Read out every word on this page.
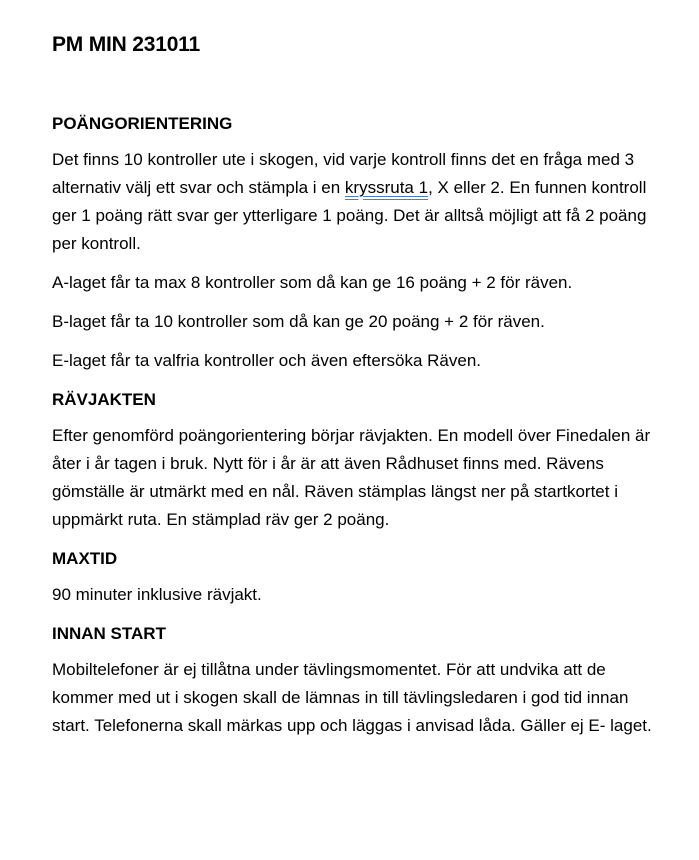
PM MIN 231011
POÄNGORIENTERING

Det finns 10 kontroller ute i skogen, vid varje kontroll finns det en fråga med 3 alternativ välj ett svar och stämpla i en kryssruta 1, X eller 2. En funnen kontroll ger 1 poäng rätt svar ger ytterligare 1 poäng. Det är alltså möjligt att få 2 poäng per kontroll.

A-laget får ta max 8 kontroller som då kan ge 16 poäng + 2 för räven.

B-laget får ta 10 kontroller som då kan ge 20 poäng + 2 för räven.

E-laget får ta valfria kontroller och även eftersöka Räven.

RÄVJAKTEN

Efter genomförd poängorientering börjar rävjakten. En modell över Finedalen är åter i år tagen i bruk. Nytt för i år är att även Rådhuset finns med. Rävens gömställe är utmärkt med en nål. Räven stämplas längst ner på startkortet i uppmärkt ruta. En stämplad räv ger 2 poäng.

MAXTID

90 minuter inklusive rävjakt.

INNAN START

Mobiltelefoner är ej tillåtna under tävlingsmomentet. För att undvika att de kommer med ut i skogen skall de lämnas in till tävlingsledaren i god tid innan start. Telefonerna skall märkas upp och läggas i anvisad låda. Gäller ej E- laget.
